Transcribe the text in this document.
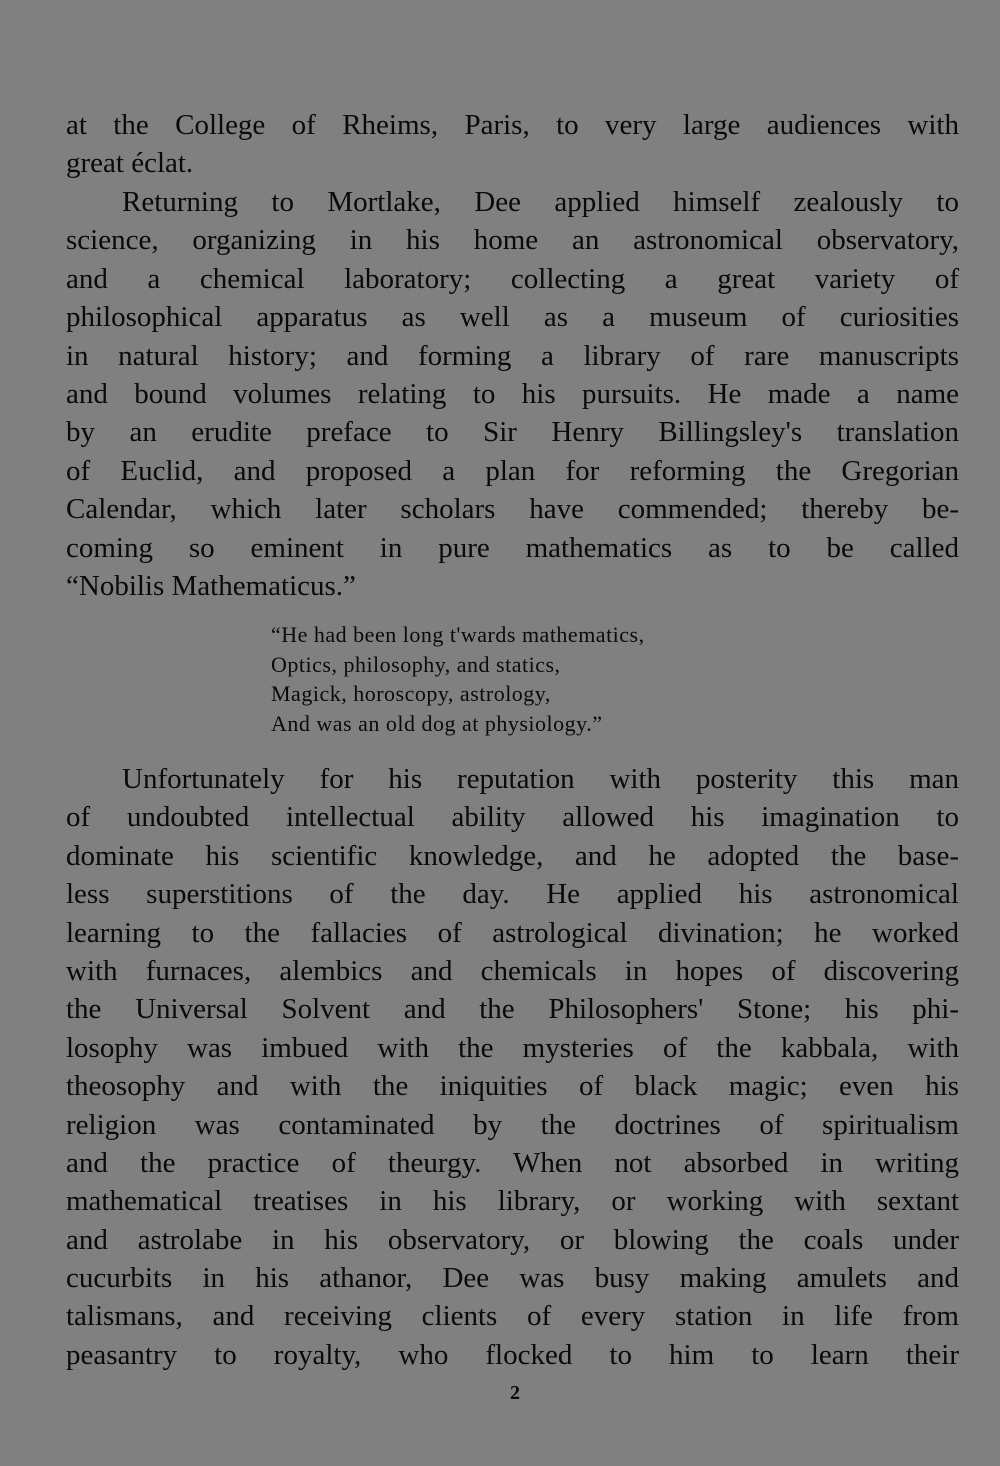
at the College of Rheims, Paris, to very large audiences with
great éclat.
Returning to Mortlake, Dee applied himself zealously to
science, organizing in his home an astronomical observatory,
and a chemical laboratory; collecting a great variety of
philosophical apparatus as well as a museum of curiosities
in natural history; and forming a library of rare manuscripts
and bound volumes relating to his pursuits. He made a name
by an erudite preface to Sir Henry Billingsley's translation
of Euclid, and proposed a plan for reforming the Gregorian
Calendar, which later scholars have commended; thereby be-
coming so eminent in pure mathematics as to be called
“Nobilis Mathematicus.”
“He had been long t'wards mathematics,
Optics, philosophy, and statics,
Magick, horoscopy, astrology,
And was an old dog at physiology.”
Unfortunately for his reputation with posterity this man
of undoubted intellectual ability allowed his imagination to
dominate his scientific knowledge, and he adopted the base-
less superstitions of the day. He applied his astronomical
learning to the fallacies of astrological divination; he worked
with furnaces, alembics and chemicals in hopes of discovering
the Universal Solvent and the Philosophers' Stone; his phi-
losophy was imbued with the mysteries of the kabbala, with
theosophy and with the iniquities of black magic; even his
religion was contaminated by the doctrines of spiritualism
and the practice of theurgy. When not absorbed in writing
mathematical treatises in his library, or working with sextant
and astrolabe in his observatory, or blowing the coals under
cucurbits in his athanor, Dee was busy making amulets and
talismans, and receiving clients of every station in life from
peasantry to royalty, who flocked to him to learn their
2
